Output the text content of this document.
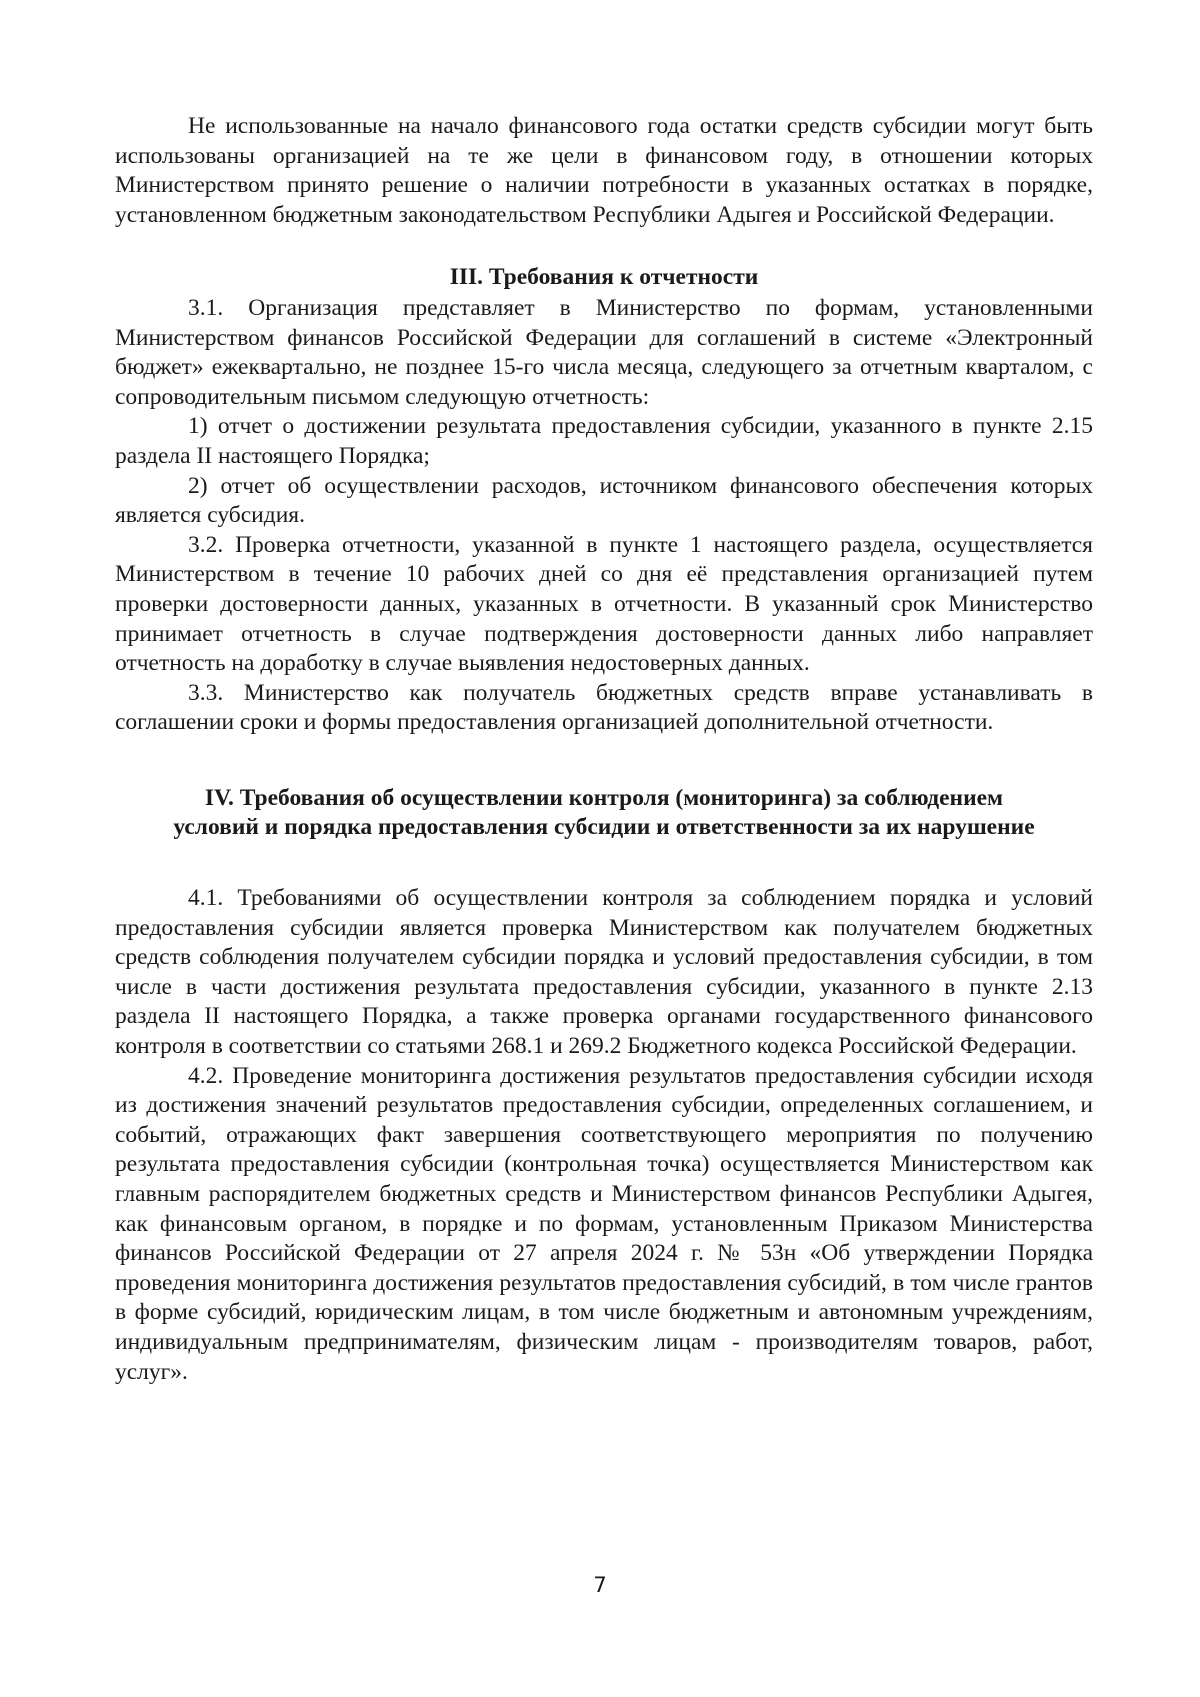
Не использованные на начало финансового года остатки средств субсидии могут быть использованы организацией на те же цели в финансовом году, в отношении которых Министерством принято решение о наличии потребности в указанных остатках в порядке, установленном бюджетным законодательством Республики Адыгея и Российской Федерации.

III. Требования к отчетности

3.1. Организация представляет в Министерство по формам, установленными Министерством финансов Российской Федерации для соглашений в системе «Электронный бюджет» ежеквартально, не позднее 15-го числа месяца, следующего за отчетным кварталом, с сопроводительным письмом следующую отчетность:

1) отчет о достижении результата предоставления субсидии, указанного в пункте 2.15 раздела II настоящего Порядка;

2) отчет об осуществлении расходов, источником финансового обеспечения которых является субсидия.

3.2. Проверка отчетности, указанной в пункте 1 настоящего раздела, осуществляется Министерством в течение 10 рабочих дней со дня её представления организацией путем проверки достоверности данных, указанных в отчетности. В указанный срок Министерство принимает отчетность в случае подтверждения достоверности данных либо направляет отчетность на доработку в случае выявления недостоверных данных.

3.3. Министерство как получатель бюджетных средств вправе устанавливать в соглашении сроки и формы предоставления организацией дополнительной отчетности.

IV. Требования об осуществлении контроля (мониторинга) за соблюдением
условий и порядка предоставления субсидии и ответственности за их нарушение

4.1. Требованиями об осуществлении контроля за соблюдением порядка и условий предоставления субсидии является проверка Министерством как получателем бюджетных средств соблюдения получателем субсидии порядка и условий предоставления субсидии, в том числе в части достижения результата предоставления субсидии, указанного в пункте 2.13 раздела II настоящего Порядка, а также проверка органами государственного финансового контроля в соответствии со статьями 268.1 и 269.2 Бюджетного кодекса Российской Федерации.

4.2. Проведение мониторинга достижения результатов предоставления субсидии исходя из достижения значений результатов предоставления субсидии, определенных соглашением, и событий, отражающих факт завершения соответствующего мероприятия по получению результата предоставления субсидии (контрольная точка) осуществляется Министерством как главным распорядителем бюджетных средств и Министерством финансов Республики Адыгея, как финансовым органом, в порядке и по формам, установленным Приказом Министерства финансов Российской Федерации от 27 апреля 2024 г. № 53н «Об утверждении Порядка проведения мониторинга достижения результатов предоставления субсидий, в том числе грантов в форме субсидий, юридическим лицам, в том числе бюджетным и автономным учреждениям, индивидуальным предпринимателям, физическим лицам - производителям товаров, работ, услуг».

7
